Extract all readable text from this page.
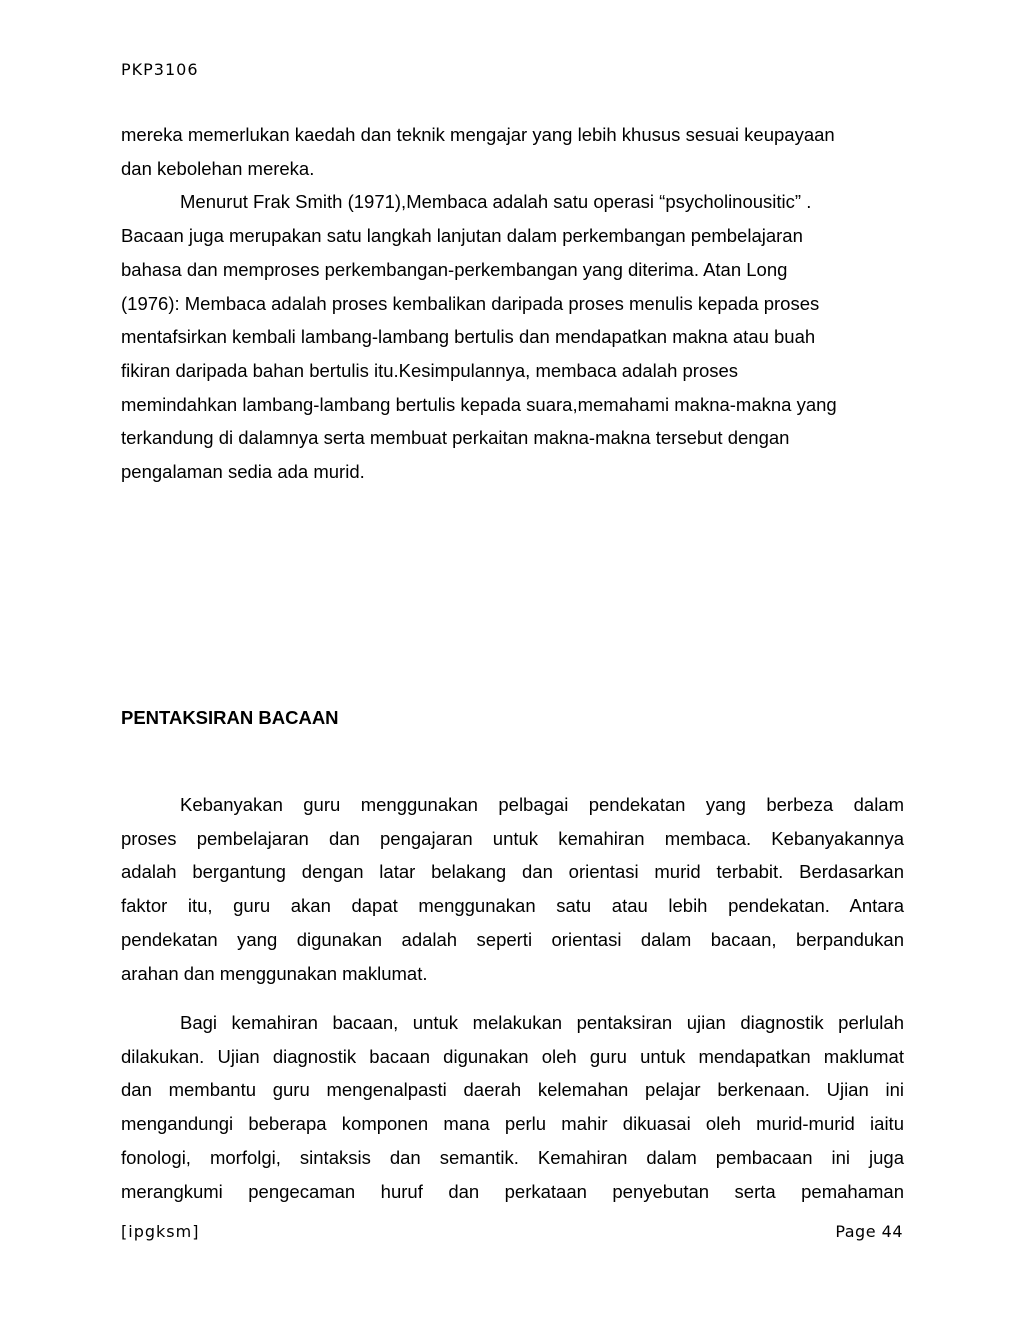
PKP3106
mereka memerlukan kaedah dan teknik mengajar yang lebih khusus sesuai keupayaan
dan kebolehan mereka.
Menurut Frak Smith (1971),Membaca adalah satu operasi “psycholinousitic” .
Bacaan juga merupakan satu langkah lanjutan dalam perkembangan pembelajaran
bahasa dan memproses perkembangan-perkembangan yang diterima. Atan Long
(1976): Membaca adalah proses kembalikan daripada proses menulis kepada proses
mentafsirkan kembali lambang-lambang bertulis dan mendapatkan makna atau buah
fikiran daripada bahan bertulis itu.Kesimpulannya, membaca adalah proses
memindahkan lambang-lambang bertulis kepada suara,memahami makna-makna yang
terkandung di dalamnya serta membuat perkaitan makna-makna tersebut dengan
pengalaman sedia ada murid.
PENTAKSIRAN BACAAN
Kebanyakan guru menggunakan pelbagai pendekatan yang berbeza dalam
proses pembelajaran dan pengajaran untuk kemahiran membaca. Kebanyakannya
adalah bergantung dengan latar belakang dan orientasi murid terbabit. Berdasarkan
faktor itu, guru akan dapat menggunakan satu atau lebih pendekatan. Antara
pendekatan yang digunakan adalah seperti orientasi dalam bacaan, berpandukan
arahan dan menggunakan maklumat.
Bagi kemahiran bacaan, untuk melakukan pentaksiran ujian diagnostik perlulah
dilakukan. Ujian diagnostik bacaan digunakan oleh guru untuk mendapatkan maklumat
dan membantu guru mengenalpasti daerah kelemahan pelajar berkenaan. Ujian ini
mengandungi beberapa komponen mana perlu mahir dikuasai oleh murid-murid iaitu
fonologi, morfolgi, sintaksis dan semantik. Kemahiran dalam pembacaan ini juga
merangkumi pengecaman huruf dan perkataan penyebutan serta pemahaman
[ipgksm]	Page 44
